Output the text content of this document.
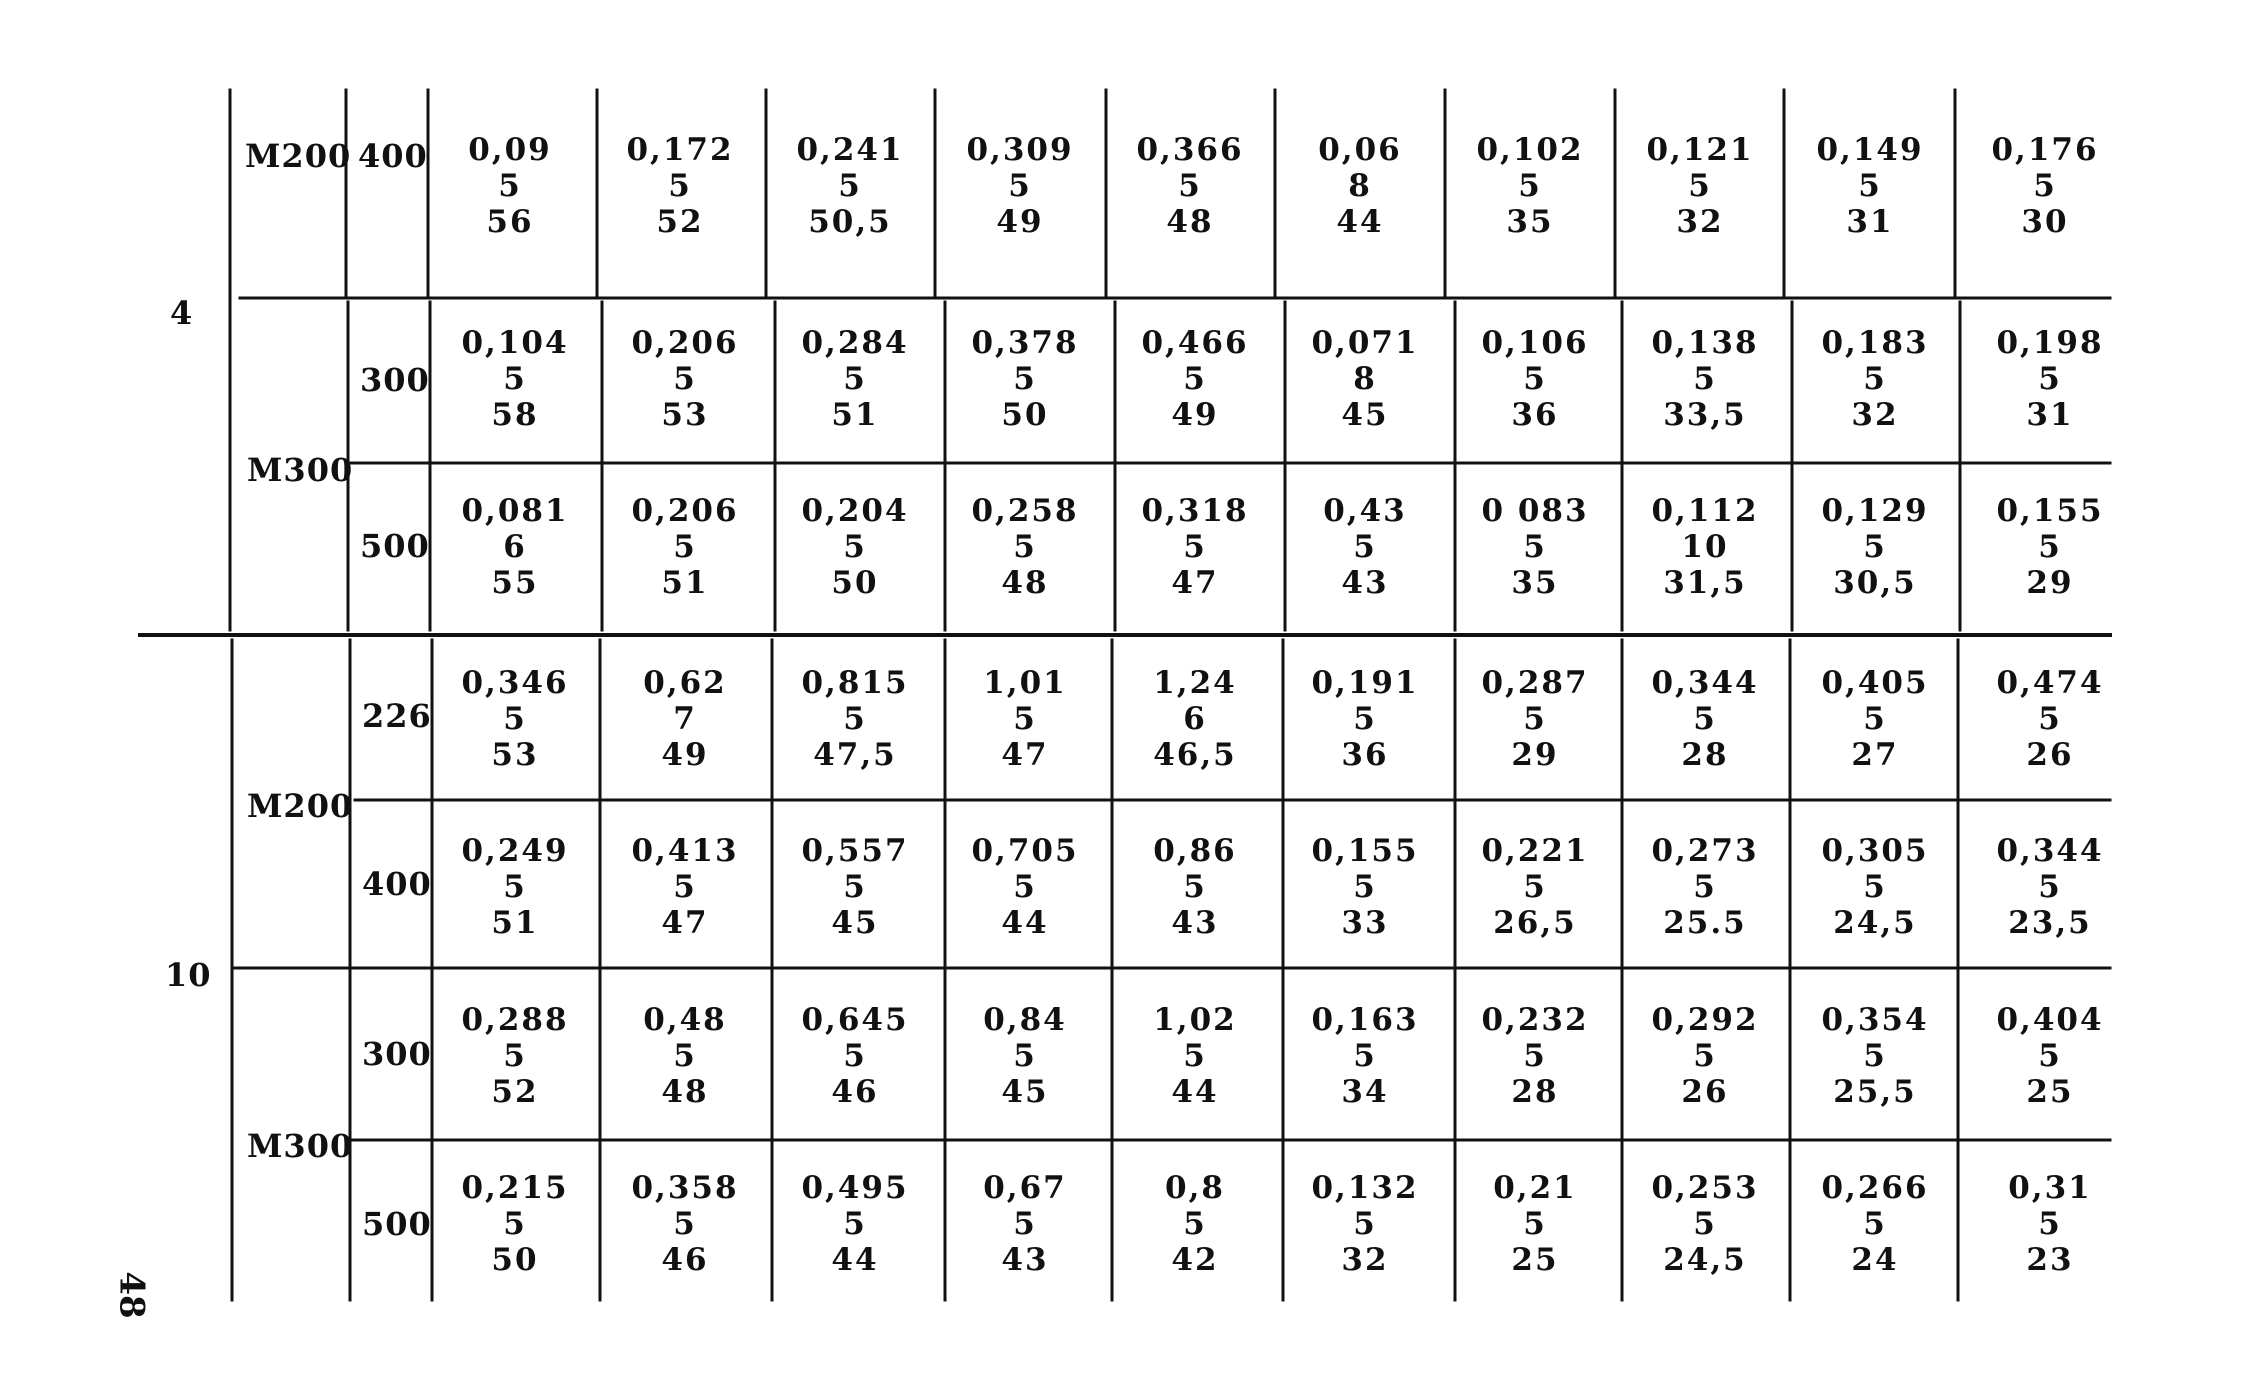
4
10
M200
M300
M200
M300
400
300
500
226
400
300
500
0,09
5
56
0,172
5
52
0,241
5
50,5
0,309
5
49
0,366
5
48
0,06
8
44
0,102
5
35
0,121
5
32
0,149
5
31
0,176
5
30
0,104
5
58
0,206
5
53
0,284
5
51
0,378
5
50
0,466
5
49
0,071
8
45
0,106
5
36
0,138
5
33,5
0,183
5
32
0,198
5
31
0,081
6
55
0,206
5
51
0,204
5
50
0,258
5
48
0,318
5
47
0,43
5
43
0 083
5
35
0,112
10
31,5
0,129
5
30,5
0,155
5
29
0,346
5
53
0,62
7
49
0,815
5
47,5
1,01
5
47
1,24
6
46,5
0,191
5
36
0,287
5
29
0,344
5
28
0,405
5
27
0,474
5
26
0,249
5
51
0,413
5
47
0,557
5
45
0,705
5
44
0,86
5
43
0,155
5
33
0,221
5
26,5
0,273
5
25.5
0,305
5
24,5
0,344
5
23,5
0,288
5
52
0,48
5
48
0,645
5
46
0,84
5
45
1,02
5
44
0,163
5
34
0,232
5
28
0,292
5
26
0,354
5
25,5
0,404
5
25
0,215
5
50
0,358
5
46
0,495
5
44
0,67
5
43
0,8
5
42
0,132
5
32
0,21
5
25
0,253
5
24,5
0,266
5
24
0,31
5
23
48
